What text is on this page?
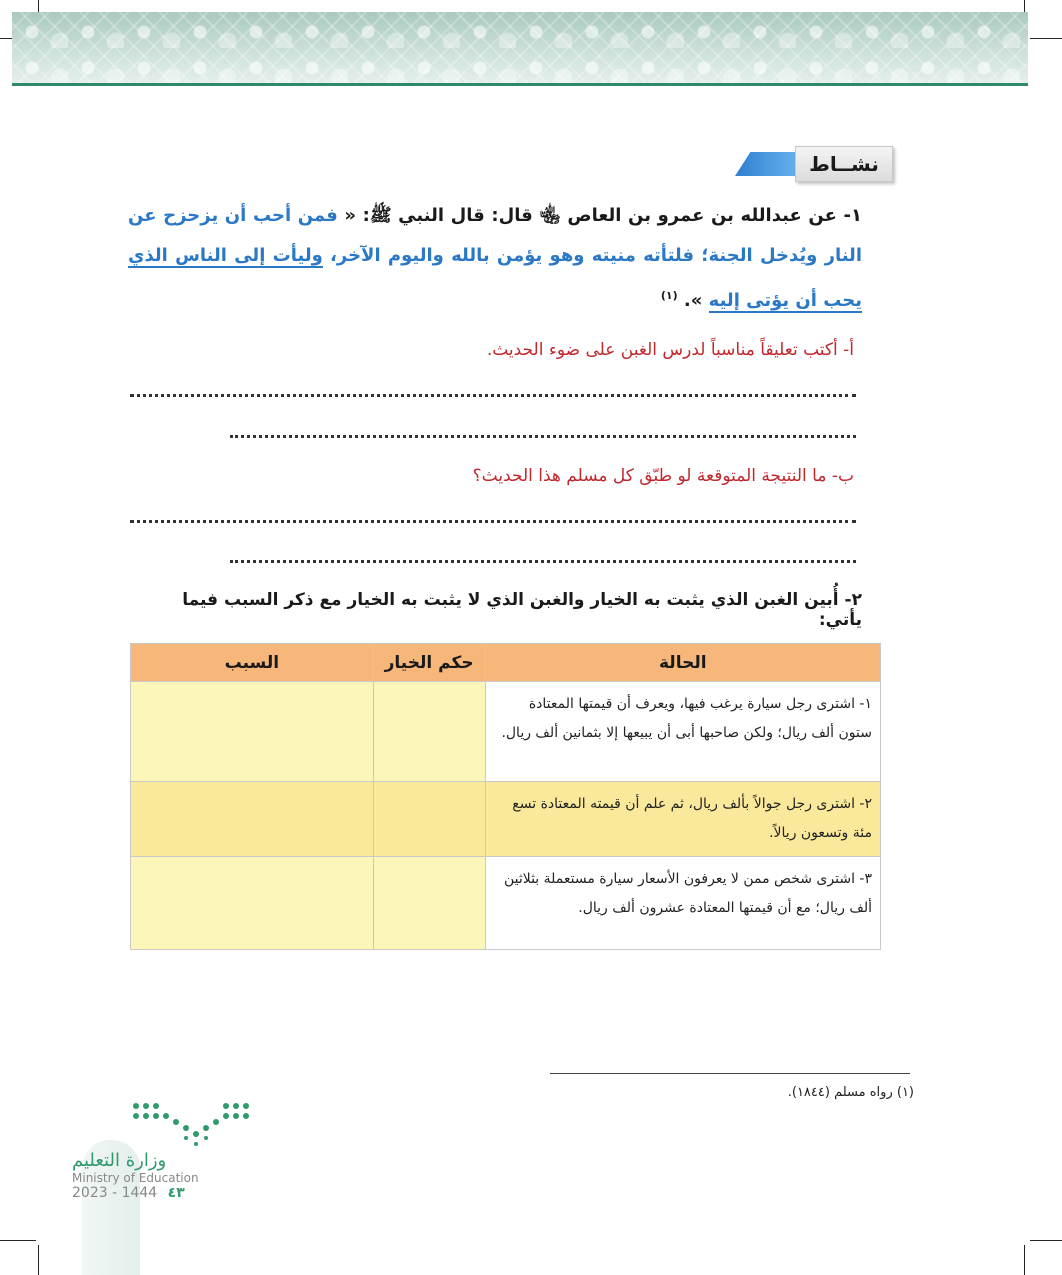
نشــاط
١- عن عبدالله بن عمرو بن العاص ﵄ قال: قال النبي ﷺ: « فمن أحب أن يزحزح عن النار ويُدخل الجنة؛ فلتأته منيته وهو يؤمن بالله واليوم الآخر، وليأت إلى الناس الذي يحب أن يؤتى إليه ». $^{(١)}$
أ- أكتب تعليقاً مناسباً لدرس الغبن على ضوء الحديث.
ب- ما النتيجة المتوقعة لو طبّق كل مسلم هذا الحديث؟
٢- أُبين الغبن الذي يثبت به الخيار والغبن الذي لا يثبت به الخيار مع ذكر السبب فيما يأتي:
السبب	حكم الخيار	الحالة
		١- اشترى رجل سيارة يرغب فيها، ويعرف أن قيمتها المعتادة ستون ألف ريال؛ ولكن صاحبها أبى أن يبيعها إلا بثمانين ألف ريال.
		٢- اشترى رجل جوالاً بألف ريال، ثم علم أن قيمته المعتادة تسع مئة وتسعون ريالاً.
		٣- اشترى شخص ممن لا يعرفون الأسعار سيارة مستعملة بثلاثين ألف ريال؛ مع أن قيمتها المعتادة عشرون ألف ريال.
(١) رواه مسلم (١٨٤٤).
وزارة التعليم
Ministry of Education
2023 - 1444 ٤٣
